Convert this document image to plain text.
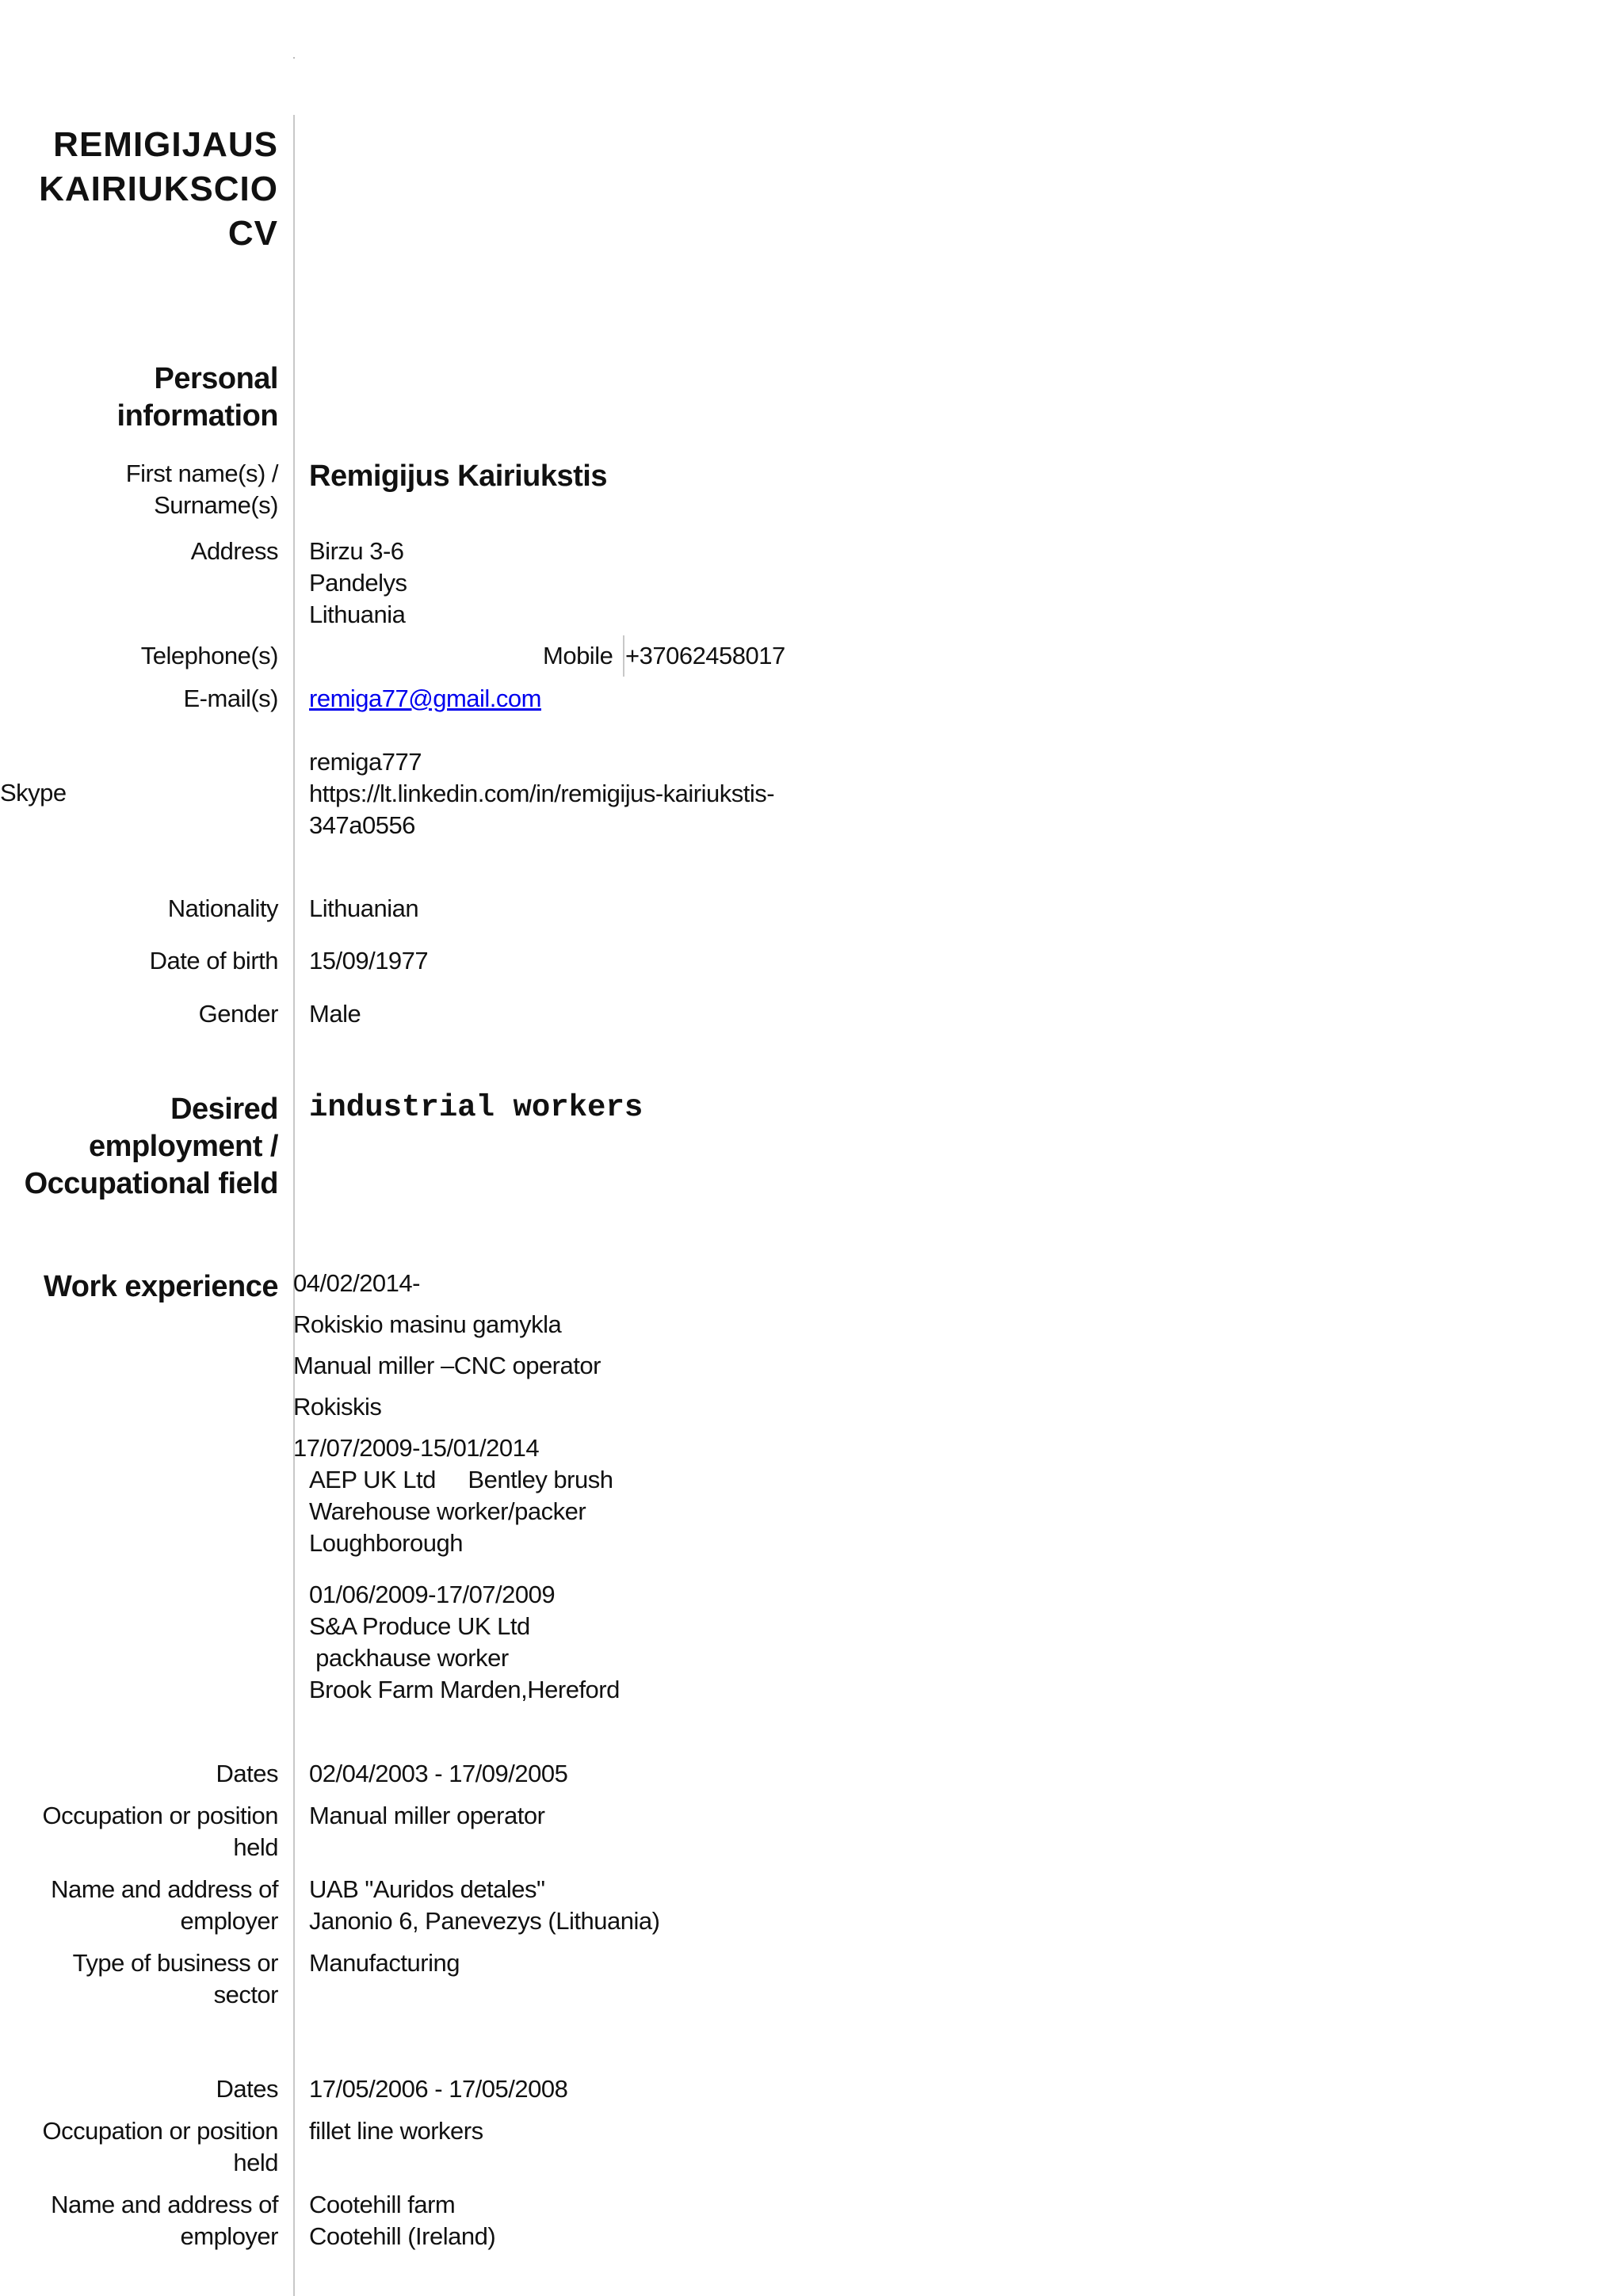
REMIGIJAUS
KAIRIUKSCIO
CV
Personal
information
First name(s) /
Surname(s)
Remigijus Kairiukstis
Address Birzu 3-6
Pandelys
Lithuania
Telephone(s)	Mobile +37062458017
E-mail(s) remiga77@gmail.com
Skype
remiga777
https://lt.linkedin.com/in/remigijus-kairiukstis-
347a0556
Nationality Lithuanian
Date of birth 15/09/1977
Gender Male
Desired
employment /
Occupational field
industrial workers
Work experience 04/02/2014-
Rokiskio masinu gamykla
Manual miller –CNC operator
Rokiskis
17/07/2009-15/01/2014
AEP UK Ltd     Bentley brush
Warehouse worker/packer
Loughborough
01/06/2009-17/07/2009
S&A Produce UK Ltd
packhause worker
Brook Farm Marden,Hereford
Dates 02/04/2003 - 17/09/2005
Occupation or position
held
Manual miller operator
Name and address of
employer
UAB "Auridos detales"
Janonio 6, Panevezys (Lithuania)
Type of business or
sector
Manufacturing
Dates 17/05/2006 - 17/05/2008
Occupation or position
held
fillet line workers
Name and address of
employer
Cootehill farm
Cootehill (Ireland)
